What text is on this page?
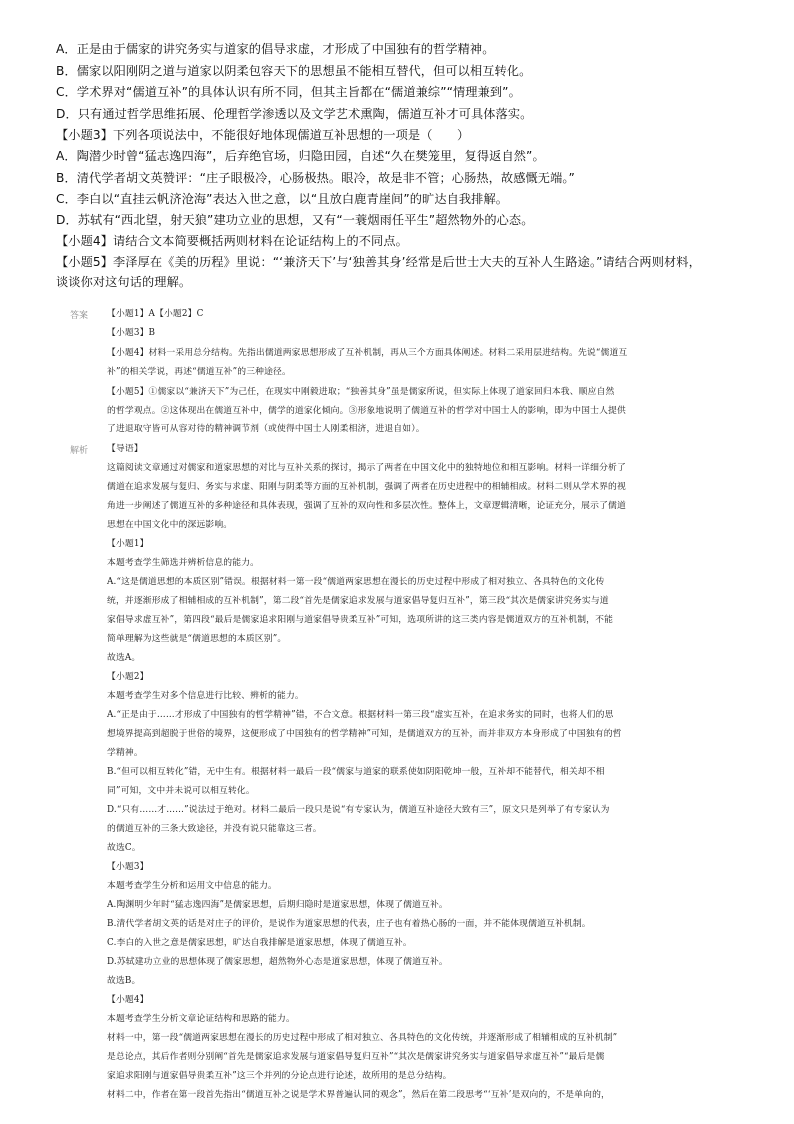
A．正是由于儒家的讲究务实与道家的倡导求虚，才形成了中国独有的哲学精神。
B．儒家以阳刚阴之道与道家以阴柔包容天下的思想虽不能相互替代，但可以相互转化。
C．学术界对“儒道互补”的具体认识有所不同，但其主旨都在“儒道兼综”“情理兼到”。
D．只有通过哲学思维拓展、伦理哲学渗透以及文学艺术熏陶，儒道互补才可具体落实。
【小题3】下列各项说法中，不能很好地体现儒道互补思想的一项是（　　）
A．陶潜少时曾“猛志逸四海”，后弃绝官场，归隐田园，自述“久在樊笼里，复得返自然”。
B．清代学者胡文英赞评：“庄子眼极冷，心肠极热。眼冷，故是非不管；心肠热，故感慨无端。”
C．李白以“直挂云帆济沧海”表达入世之意，以“且放白鹿青崖间”的旷达自我排解。
D．苏轼有“西北望，射天狼”建功立业的思想，又有“一蓑烟雨任平生”超然物外的心态。
【小题4】请结合文本简要概括两则材料在论证结构上的不同点。
【小题5】李泽厚在《美的历程》里说：“‘兼济天下’与‘独善其身’经常是后世士大夫的互补人生路途。”请结合两则材料，
谈谈你对这句话的理解。
答案 【小题1】A【小题2】C
【小题3】B
【小题4】材料一采用总分结构。先指出儒道两家思想形成了互补机制，再从三个方面具体阐述。材料二采用层进结构。先说“儒道互
补”的相关学说，再述“儒道互补”的三种途径。
【小题5】①儒家以“兼济天下”为己任，在现实中刚毅进取；“独善其身”虽是儒家所说，但实际上体现了道家回归本我、顺应自然
的哲学观点。②这体现出在儒道互补中，儒学的道家化倾向。③形象地说明了儒道互补的哲学对中国士人的影响，即为中国士人提供
了进退取守皆可从容对待的精神调节剂（或使得中国士人刚柔相济，进退自如）。
解析 【导语】
这篇阅读文章通过对儒家和道家思想的对比与互补关系的探讨，揭示了两者在中国文化中的独特地位和相互影响。材料一详细分析了
儒道在追求发展与复归、务实与求虚、阳刚与阴柔等方面的互补机制，强调了两者在历史进程中的相辅相成。材料二则从学术界的视
角进一步阐述了儒道互补的多种途径和具体表现，强调了互补的双向性和多层次性。整体上，文章逻辑清晰，论证充分，展示了儒道
思想在中国文化中的深远影响。
【小题1】
本题考查学生筛选并辨析信息的能力。
A.“这是儒道思想的本质区别”错误。根据材料一第一段“儒道两家思想在漫长的历史过程中形成了相对独立、各具特色的文化传
统，并逐渐形成了相辅相成的互补机制”，第二段“首先是儒家追求发展与道家倡导复归互补”，第三段“其次是儒家讲究务实与道
家倡导求虚互补”，第四段“最后是儒家追求阳刚与道家倡导贵柔互补”可知，选项所讲的这三类内容是儒道双方的互补机制，不能
简单理解为这些就是“儒道思想的本质区别”。
故选A。
【小题2】
本题考查学生对多个信息进行比较、辨析的能力。
A.“正是由于……才形成了中国独有的哲学精神”错，不合文意。根据材料一第三段“虚实互补，在追求务实的同时，也将人们的思
想境界提高到超脱于世俗的境界，这便形成了中国独有的哲学精神”可知，是儒道双方的互补，而并非双方本身形成了中国独有的哲
学精神。
B.“但可以相互转化”错，无中生有。根据材料一最后一段“儒家与道家的联系使如阴阳乾坤一般，互补却不能替代，相关却不相
同”可知，文中并未说可以相互转化。
D.“只有……才……”说法过于绝对。材料二最后一段只是说“有专家认为，儒道互补途径大致有三”，原文只是列举了有专家认为
的儒道互补的三条大致途径，并没有说只能靠这三者。
故选C。
【小题3】
本题考查学生分析和运用文中信息的能力。
A.陶渊明少年时“猛志逸四海”是儒家思想，后期归隐时是道家思想，体现了儒道互补。
B.清代学者胡文英的话是对庄子的评价，是说作为道家思想的代表，庄子也有着热心肠的一面，并不能体现儒道互补机制。
C.李白的入世之意是儒家思想，旷达自我排解是道家思想，体现了儒道互补。
D.苏轼建功立业的思想体现了儒家思想，超然物外心态是道家思想，体现了儒道互补。
故选B。
【小题4】
本题考查学生分析文章论证结构和思路的能力。
材料一中，第一段“儒道两家思想在漫长的历史过程中形成了相对独立、各具特色的文化传统，并逐渐形成了相辅相成的互补机制”
是总论点，其后作者则分别阐“首先是儒家追求发展与道家倡导复归互补”“其次是儒家讲究务实与道家倡导求虚互补”“最后是儒
家追求阳刚与道家倡导贵柔互补”这三个并列的分论点进行论述，故所用的是总分结构。
材料二中，作者在第一段首先指出“儒道互补之说是学术界普遍认同的观念”，然后在第二段思考“‘互补’是双向的，不是单向的，
